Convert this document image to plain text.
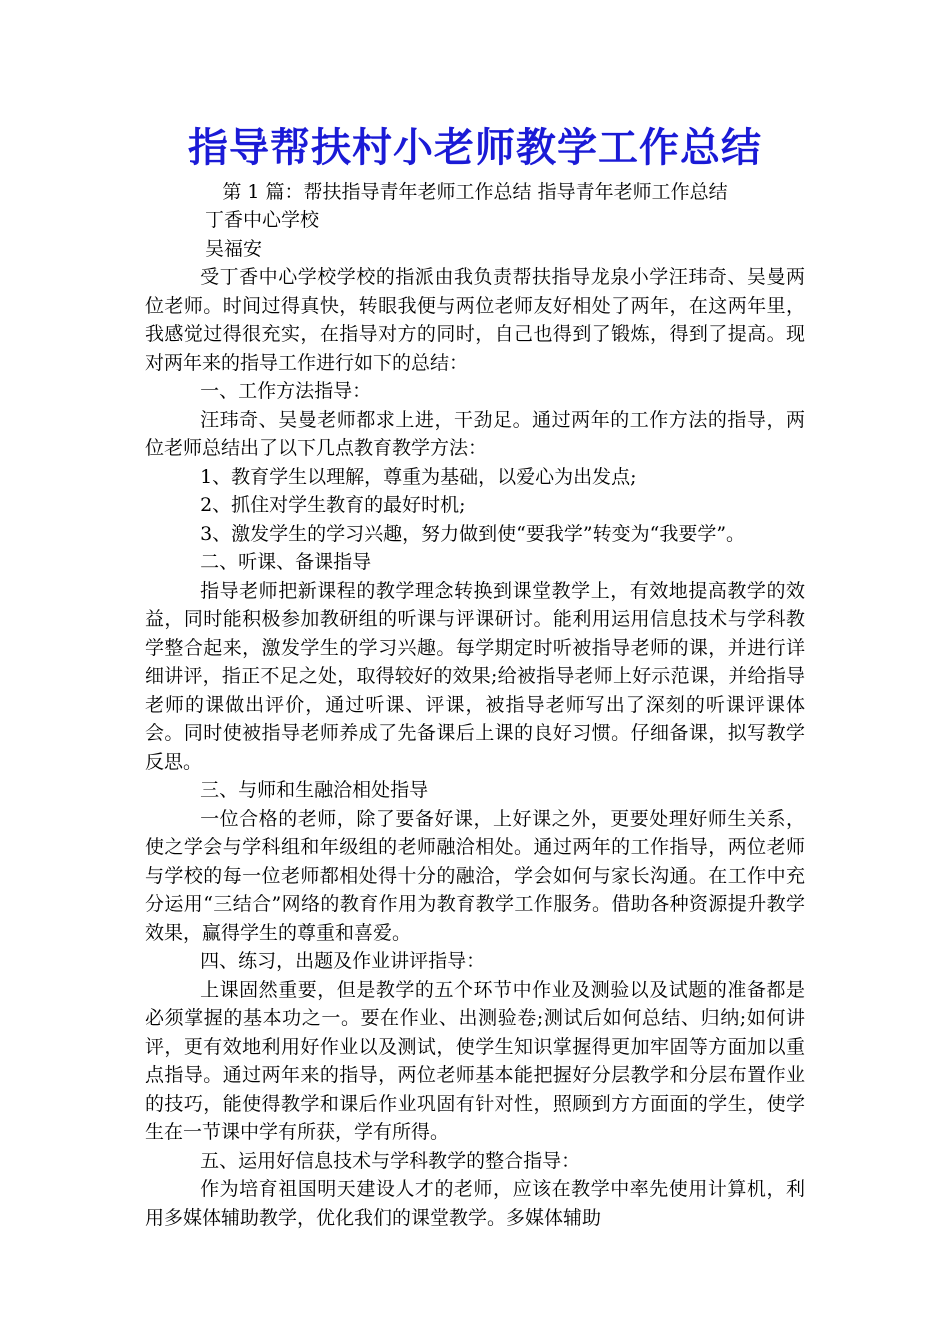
指导帮扶村小老师教学工作总结

第 1 篇：帮扶指导青年老师工作总结 指导青年老师工作总结

丁香中心学校

吴福安

受丁香中心学校学校的指派由我负责帮扶指导龙泉小学汪玮奇、吴曼两位老师。时间过得真快，转眼我便与两位老师友好相处了两年，在这两年里，我感觉过得很充实，在指导对方的同时，自己也得到了锻炼，得到了提高。现对两年来的指导工作进行如下的总结：

一、工作方法指导：

汪玮奇、吴曼老师都求上进，干劲足。通过两年的工作方法的指导，两位老师总结出了以下几点教育教学方法：

1、教育学生以理解，尊重为基础，以爱心为出发点;

2、抓住对学生教育的最好时机;

3、激发学生的学习兴趣，努力做到使“要我学”转变为“我要学”。

二、听课、备课指导

指导老师把新课程的教学理念转换到课堂教学上，有效地提高教学的效益，同时能积极参加教研组的听课与评课研讨。能利用运用信息技术与学科教学整合起来，激发学生的学习兴趣。每学期定时听被指导老师的课，并进行详细讲评，指正不足之处，取得较好的效果;给被指导老师上好示范课，并给指导老师的课做出评价，通过听课、评课，被指导老师写出了深刻的听课评课体会。同时使被指导老师养成了先备课后上课的良好习惯。仔细备课，拟写教学反思。

三、与师和生融洽相处指导

一位合格的老师，除了要备好课，上好课之外，更要处理好师生关系，使之学会与学科组和年级组的老师融洽相处。通过两年的工作指导，两位老师与学校的每一位老师都相处得十分的融洽，学会如何与家长沟通。在工作中充分运用“三结合”网络的教育作用为教育教学工作服务。借助各种资源提升教学效果，赢得学生的尊重和喜爱。

四、练习，出题及作业讲评指导：

上课固然重要，但是教学的五个环节中作业及测验以及试题的准备都是必须掌握的基本功之一。要在作业、出测验卷;测试后如何总结、归纳;如何讲评，更有效地利用好作业以及测试，使学生知识掌握得更加牢固等方面加以重点指导。通过两年来的指导，两位老师基本能把握好分层教学和分层布置作业的技巧，能使得教学和课后作业巩固有针对性，照顾到方方面面的学生，使学生在一节课中学有所获，学有所得。

五、运用好信息技术与学科教学的整合指导：

作为培育祖国明天建设人才的老师，应该在教学中率先使用计算机，利用多媒体辅助教学，优化我们的课堂教学。多媒体辅助
